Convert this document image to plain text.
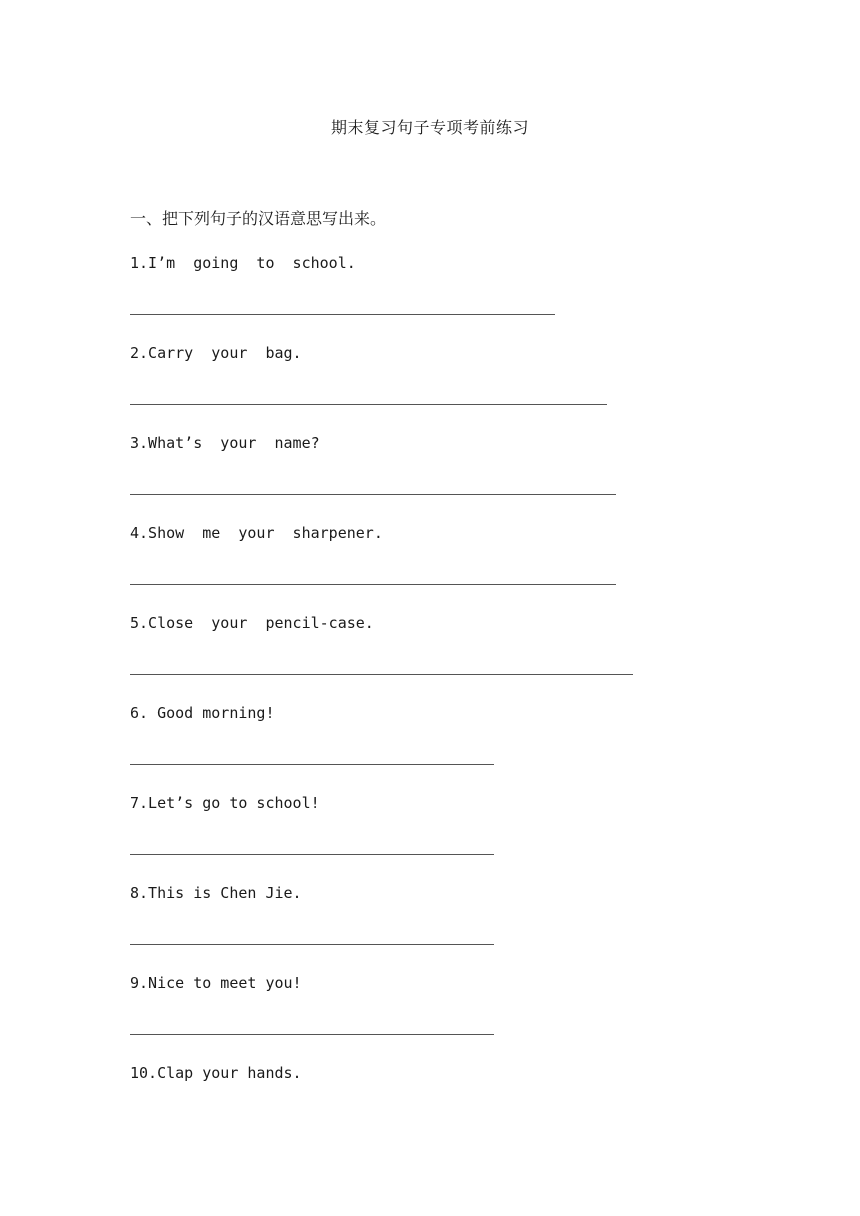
期末复习句子专项考前练习
一、把下列句子的汉语意思写出来。
1.I’m  going  to  school.
2.Carry  your  bag.
3.What’s  your  name?
4.Show  me  your  sharpener.
5.Close  your  pencil-case.
6. Good morning!
7.Let’s go to school!
8.This is Chen Jie.
9.Nice to meet you!
10.Clap your hands.
